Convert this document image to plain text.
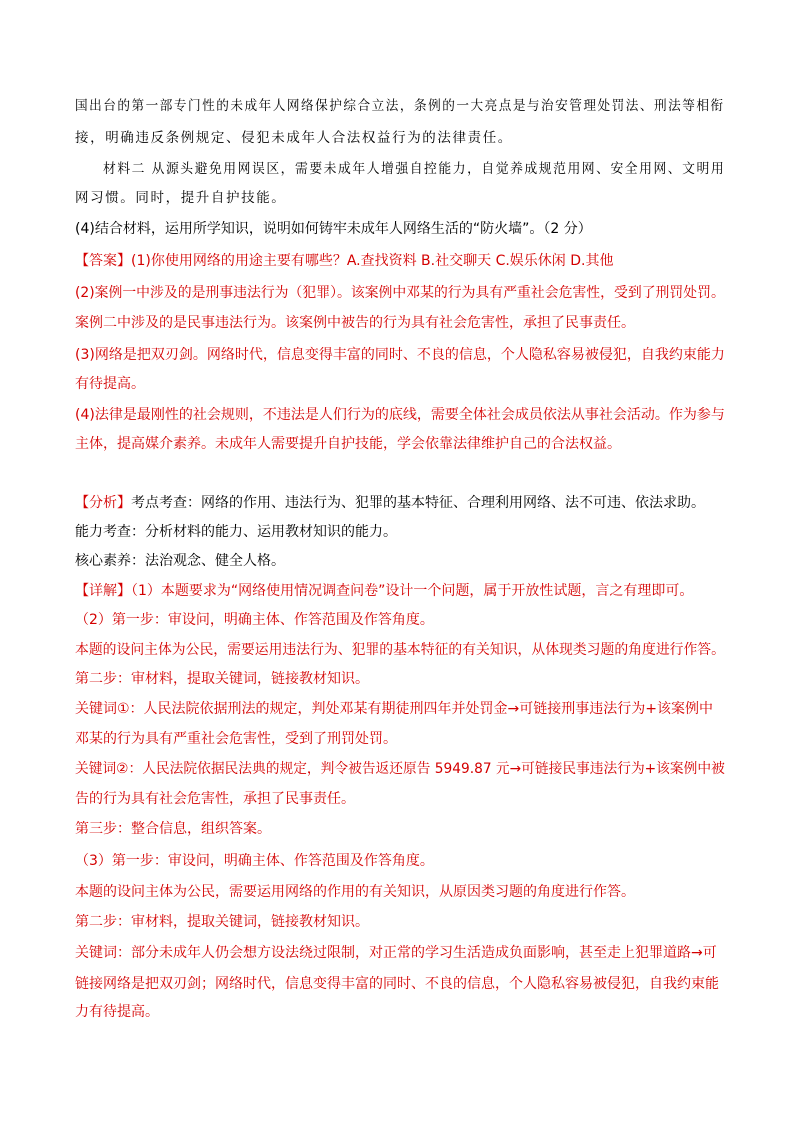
国出台的第一部专门性的未成年人网络保护综合立法，条例的一大亮点是与治安管理处罚法、刑法等相衔
接，明确违反条例规定、侵犯未成年人合法权益行为的法律责任。
材料二 从源头避免用网误区，需要未成年人增强自控能力，自觉养成规范用网、安全用网、文明用
网习惯。同时，提升自护技能。
(4)结合材料，运用所学知识，说明如何铸牢未成年人网络生活的“防火墙”。（2 分）
【答案】(1)你使用网络的用途主要有哪些？A.查找资料 B.社交聊天 C.娱乐休闲 D.其他
(2)案例一中涉及的是刑事违法行为（犯罪）。该案例中邓某的行为具有严重社会危害性，受到了刑罚处罚。
案例二中涉及的是民事违法行为。该案例中被告的行为具有社会危害性，承担了民事责任。
(3)网络是把双刃剑。网络时代，信息变得丰富的同时、不良的信息，个人隐私容易被侵犯，自我约束能力
有待提高。
(4)法律是最刚性的社会规则，不违法是人们行为的底线，需要全体社会成员依法从事社会活动。作为参与
主体，提高媒介素养。未成年人需要提升自护技能，学会依靠法律维护自己的合法权益。
【分析】考点考查：网络的作用、违法行为、犯罪的基本特征、合理利用网络、法不可违、依法求助。
能力考查：分析材料的能力、运用教材知识的能力。
核心素养：法治观念、健全人格。
【详解】（1）本题要求为“网络使用情况调查问卷”设计一个问题，属于开放性试题，言之有理即可。
（2）第一步：审设问，明确主体、作答范围及作答角度。
本题的设问主体为公民，需要运用违法行为、犯罪的基本特征的有关知识，从体现类习题的角度进行作答。
第二步：审材料，提取关键词，链接教材知识。
关键词①：人民法院依据刑法的规定，判处邓某有期徒刑四年并处罚金→可链接刑事违法行为+该案例中
邓某的行为具有严重社会危害性，受到了刑罚处罚。
关键词②：人民法院依据民法典的规定，判令被告返还原告 5949.87 元→可链接民事违法行为+该案例中被
告的行为具有社会危害性，承担了民事责任。
第三步：整合信息，组织答案。
（3）第一步：审设问，明确主体、作答范围及作答角度。
本题的设问主体为公民，需要运用网络的作用的有关知识，从原因类习题的角度进行作答。
第二步：审材料，提取关键词，链接教材知识。
关键词：部分未成年人仍会想方设法绕过限制，对正常的学习生活造成负面影响，甚至走上犯罪道路→可
链接网络是把双刃剑；网络时代，信息变得丰富的同时、不良的信息，个人隐私容易被侵犯，自我约束能
力有待提高。
